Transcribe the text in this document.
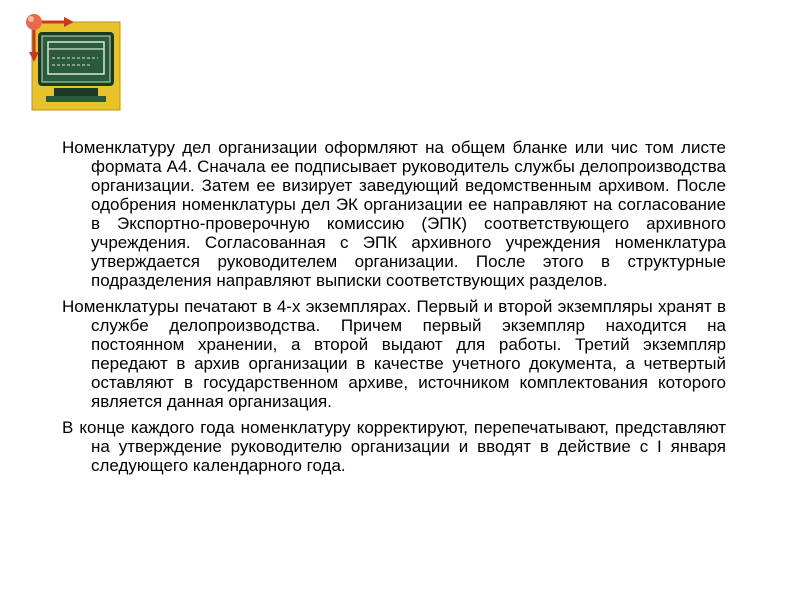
Номенклатуру дел организации оформляют на общем бланке или чис том листе формата А4. Сначала ее подписывает руководитель службы делопроизводства организации. Затем ее визирует заведующий ведомственным архивом. После одобрения номенклатуры дел ЭК организации ее направляют на согласование в Экспортно-проверочную комиссию (ЭПК) соответствующего архивного учреждения. Согласованная с ЭПК архивного учреждения номенклатура утверждается руководителем организации. После этого в структурные подразделения направляют выписки соответствующих разделов.

Номенклатуры печатают в 4-х экземплярах. Первый и второй экземпляры хранят в службе делопроизводства. Причем первый экземпляр находится на постоянном хранении, а второй выдают для работы. Третий экземпляр передают в архив организации в качестве учетного документа, а четвертый оставляют в государственном архиве, источником комплектования которого является данная организация.

В конце каждого года номенклатуру корректируют, перепечатывают, представляют на утверждение руководителю организации и вводят в действие с I января следующего календарного года.
